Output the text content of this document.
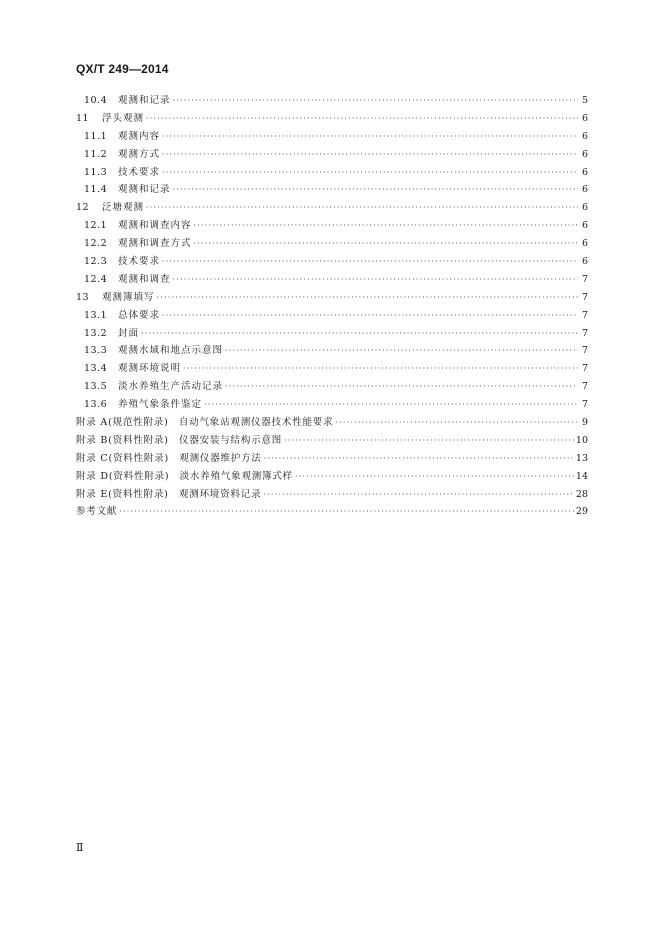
QX/T 249—2014
10.4	观测和记录 ·····	5
11	浮头观测 ·····	6
11.1	观测内容 ·····	6
11.2	观测方式 ·····	6
11.3	技术要求 ·····	6
11.4	观测和记录 ·····	6
12	泛塘观测 ·····	6
12.1	观测和调查内容 ·····	6
12.2	观测和调查方式 ·····	6
12.3	技术要求 ·····	6
12.4	观测和调查 ·····	7
13	观测簿填写 ·····	7
13.1	总体要求 ·····	7
13.2	封面 ·····	7
13.3	观测水域和地点示意图 ·····	7
13.4	观测环境说明 ·····	7
13.5	淡水养殖生产活动记录 ·····	7
13.6	养殖气象条件鉴定 ·····	7
附录 A(规范性附录)　自动气象站观测仪器技术性能要求 ·····	9
附录 B(资料性附录)　仪器安装与结构示意图 ·····	10
附录 C(资料性附录)　观测仪器维护方法 ·····	13
附录 D(资料性附录)　淡水养殖气象观测簿式样 ·····	14
附录 E(资料性附录)　观测环境资料记录 ·····	28
参考文献 ·····	29
Ⅱ
